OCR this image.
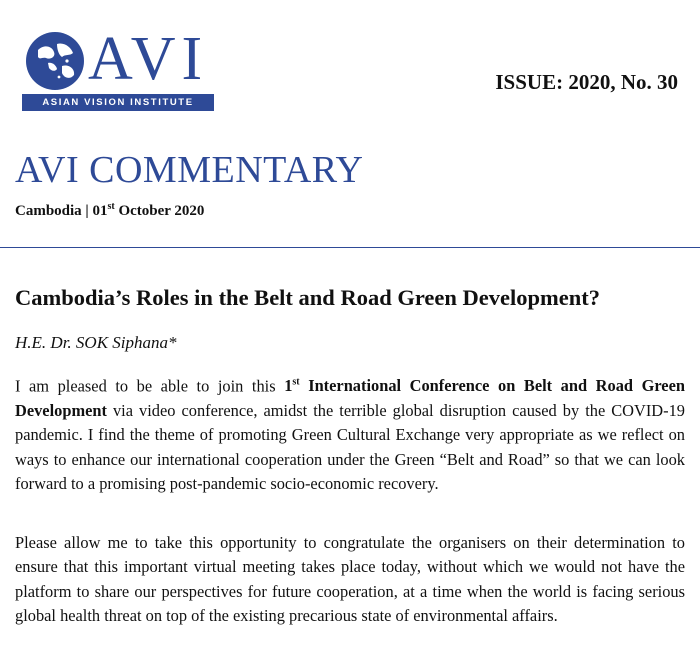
AVI
ASIAN VISION INSTITUTE
ISSUE: 2020, No. 30
AVI COMMENTARY
Cambodia | 01st October 2020
Cambodia’s Roles in the Belt and Road Green Development?
H.E. Dr. SOK Siphana*
I am pleased to be able to join this 1st International Conference on Belt and Road Green Development via video conference, amidst the terrible global disruption caused by the COVID-19 pandemic. I find the theme of promoting Green Cultural Exchange very appropriate as we reflect on ways to enhance our international cooperation under the Green “Belt and Road” so that we can look forward to a promising post-pandemic socio-economic recovery.
Please allow me to take this opportunity to congratulate the organisers on their determination to ensure that this important virtual meeting takes place today, without which we would not have the platform to share our perspectives for future cooperation, at a time when the world is facing serious global health threat on top of the existing precarious state of environmental affairs.
